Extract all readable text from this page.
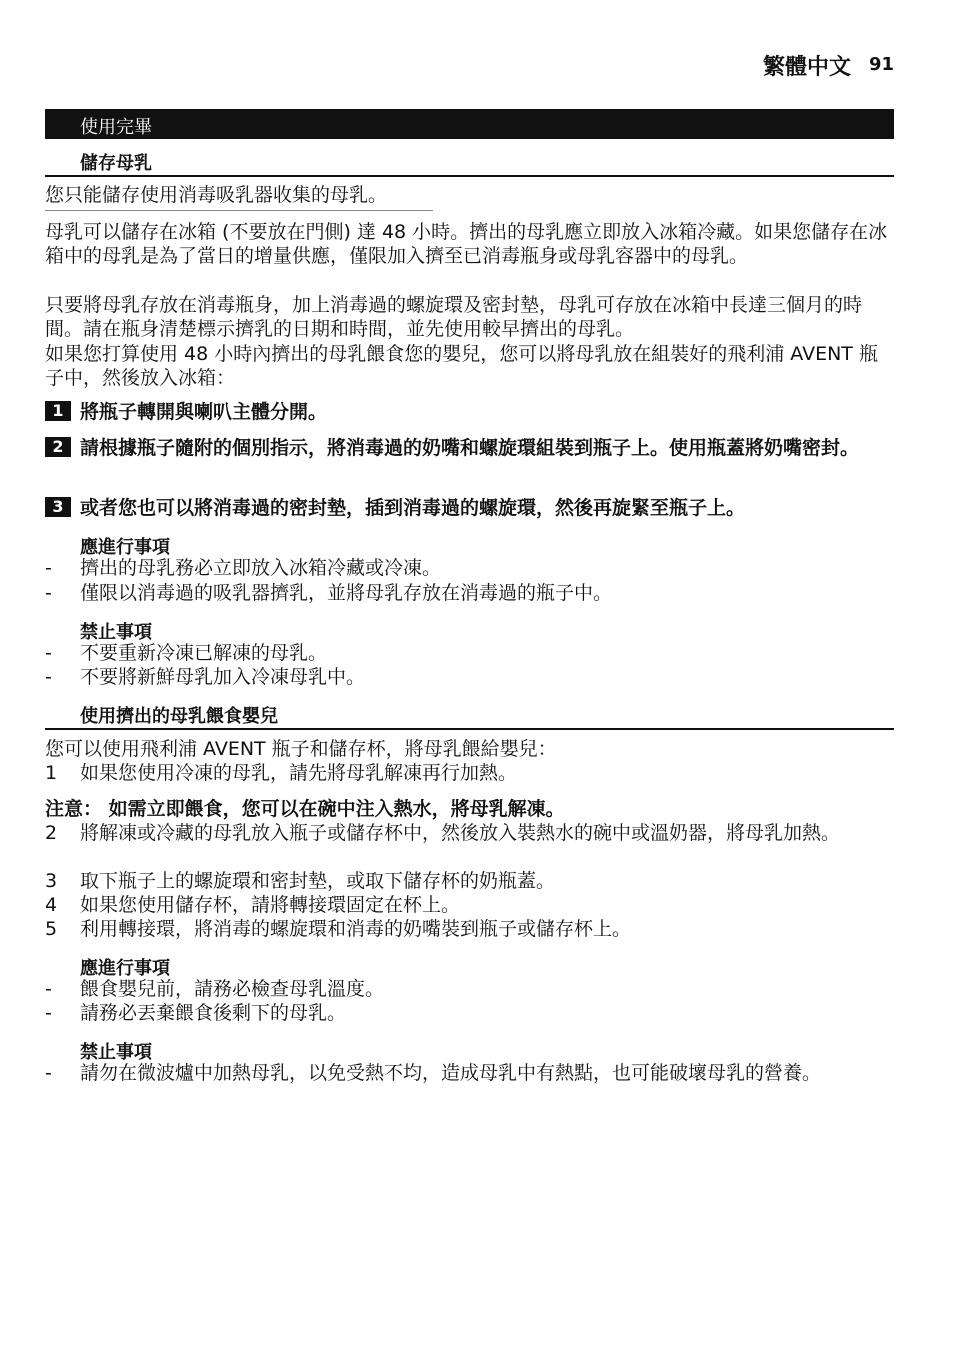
繁體中文 91
使用完畢
儲存母乳
您只能儲存使用消毒吸乳器收集的母乳。
母乳可以儲存在冰箱 (不要放在門側) 達 48 小時。擠出的母乳應立即放入冰箱冷藏。如果您儲存在冰箱中的母乳是為了當日的增量供應，僅限加入擠至已消毒瓶身或母乳容器中的母乳。
只要將母乳存放在消毒瓶身，加上消毒過的螺旋環及密封墊，母乳可存放在冰箱中長達三個月的時間。請在瓶身清楚標示擠乳的日期和時間，並先使用較早擠出的母乳。
如果您打算使用 48 小時內擠出的母乳餵食您的嬰兒，您可以將母乳放在組裝好的飛利浦 AVENT 瓶子中，然後放入冰箱：
1 將瓶子轉開與喇叭主體分開。
2 請根據瓶子隨附的個別指示，將消毒過的奶嘴和螺旋環組裝到瓶子上。使用瓶蓋將奶嘴密封。
3 或者您也可以將消毒過的密封墊，插到消毒過的螺旋環，然後再旋緊至瓶子上。
應進行事項
-	擠出的母乳務必立即放入冰箱冷藏或冷凍。
-	僅限以消毒過的吸乳器擠乳，並將母乳存放在消毒過的瓶子中。
禁止事項
-	不要重新冷凍已解凍的母乳。
-	不要將新鮮母乳加入冷凍母乳中。
使用擠出的母乳餵食嬰兒
您可以使用飛利浦 AVENT 瓶子和儲存杯，將母乳餵給嬰兒：
1	如果您使用冷凍的母乳，請先將母乳解凍再行加熱。
注意： 如需立即餵食，您可以在碗中注入熱水，將母乳解凍。
2	將解凍或冷藏的母乳放入瓶子或儲存杯中，然後放入裝熱水的碗中或溫奶器，將母乳加熱。
3	取下瓶子上的螺旋環和密封墊，或取下儲存杯的奶瓶蓋。
4	如果您使用儲存杯，請將轉接環固定在杯上。
5	利用轉接環，將消毒的螺旋環和消毒的奶嘴裝到瓶子或儲存杯上。
應進行事項
-	餵食嬰兒前，請務必檢查母乳溫度。
-	請務必丟棄餵食後剩下的母乳。
禁止事項
-	請勿在微波爐中加熱母乳，以免受熱不均，造成母乳中有熱點，也可能破壞母乳的營養。
